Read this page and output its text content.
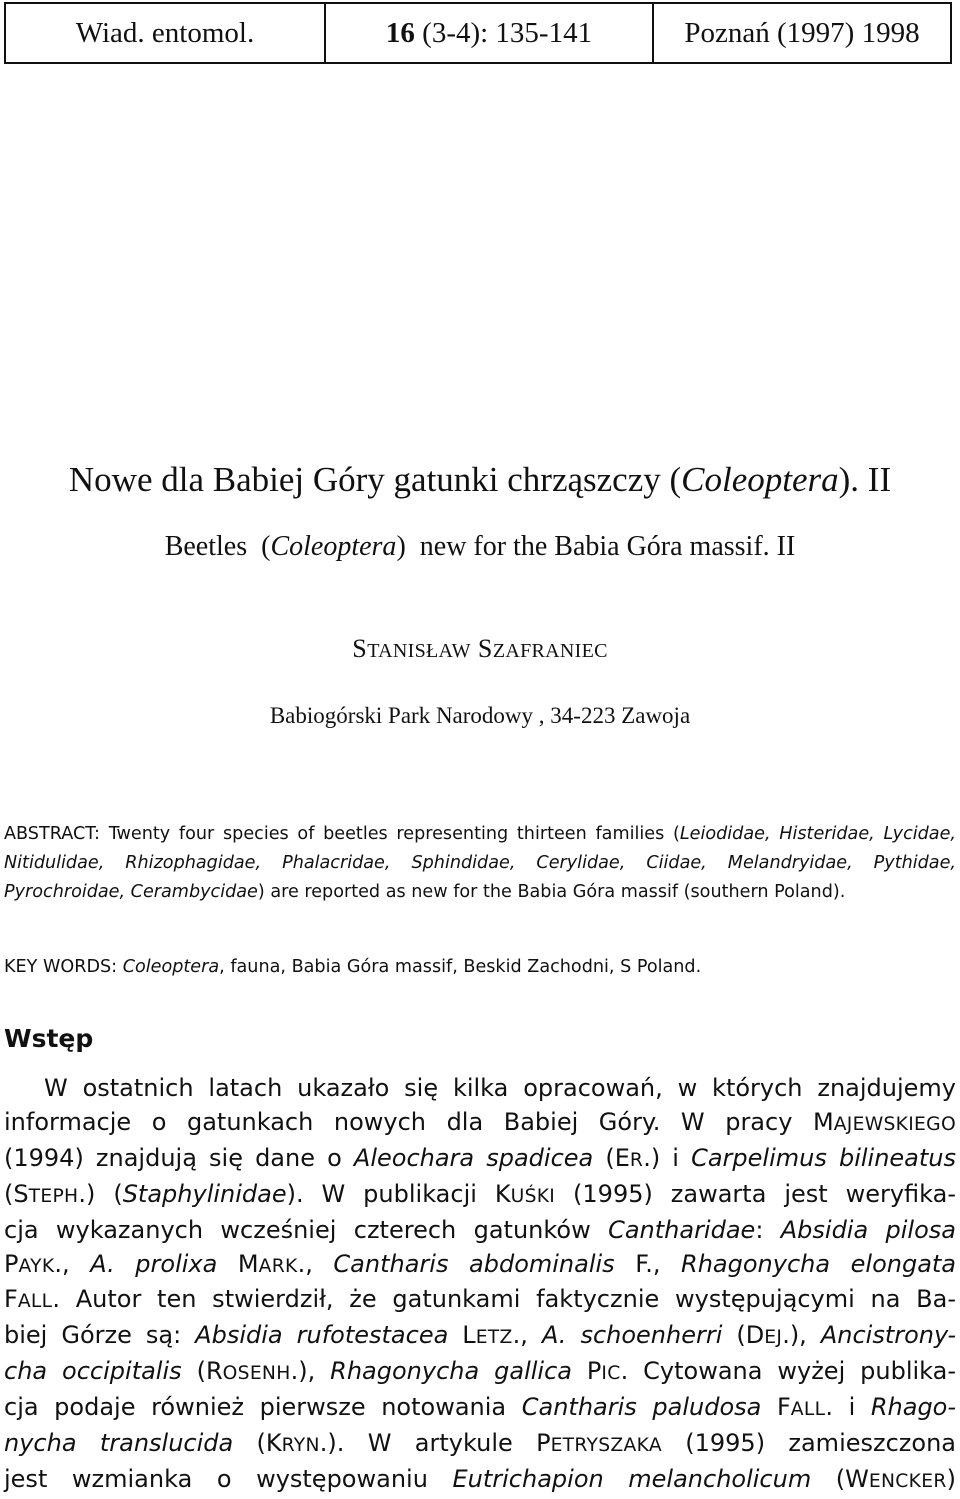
Wiad. entomol.	16 (3-4): 135-141	Poznań (1997) 1998
Nowe dla Babiej Góry gatunki chrząszczy (Coleoptera). II
Beetles  (Coleoptera)  new for the Babia Góra massif. II
STANISŁAW SZAFRANIEC
Babiogórski Park Narodowy , 34-223 Zawoja
ABSTRACT: Twenty four species of beetles representing thirteen families (Leiodidae, Histeridae, Lycidae, Nitidulidae, Rhizophagidae, Phalacridae, Sphindidae, Cerylidae, Ciidae, Melandryidae, Pythidae, Pyrochroidae, Cerambycidae) are reported as new for the Babia Góra massif (southern Poland).
KEY WORDS: Coleoptera, fauna, Babia Góra massif, Beskid Zachodni, S Poland.
Wstęp
W ostatnich latach ukazało się kilka opracowań, w których znajdujemy
informacje o gatunkach nowych dla Babiej Góry. W pracy MAJEWSKIEGO
(1994) znajdują się dane o Aleochara spadicea (ER.) i Carpelimus bilineatus
(STEPH.) (Staphylinidae). W publikacji KUŚKI (1995) zawarta jest weryfika-
cja wykazanych wcześniej czterech gatunków Cantharidae: Absidia pilosa
PAYK., A. prolixa MARK., Cantharis abdominalis F., Rhagonycha elongata
FALL. Autor ten stwierdził, że gatunkami faktycznie występującymi na Ba-
biej Górze są: Absidia rufotestacea LETZ., A. schoenherri (DEJ.), Ancistrony-
cha occipitalis (ROSENH.), Rhagonycha gallica PIC. Cytowana wyżej publika-
cja podaje również pierwsze notowania Cantharis paludosa FALL. i Rhago-
nycha translucida (KRYN.). W artykule PETRYSZAKA (1995) zamieszczona
jest wzmianka o występowaniu Eutrichapion melancholicum (WENCKER)
